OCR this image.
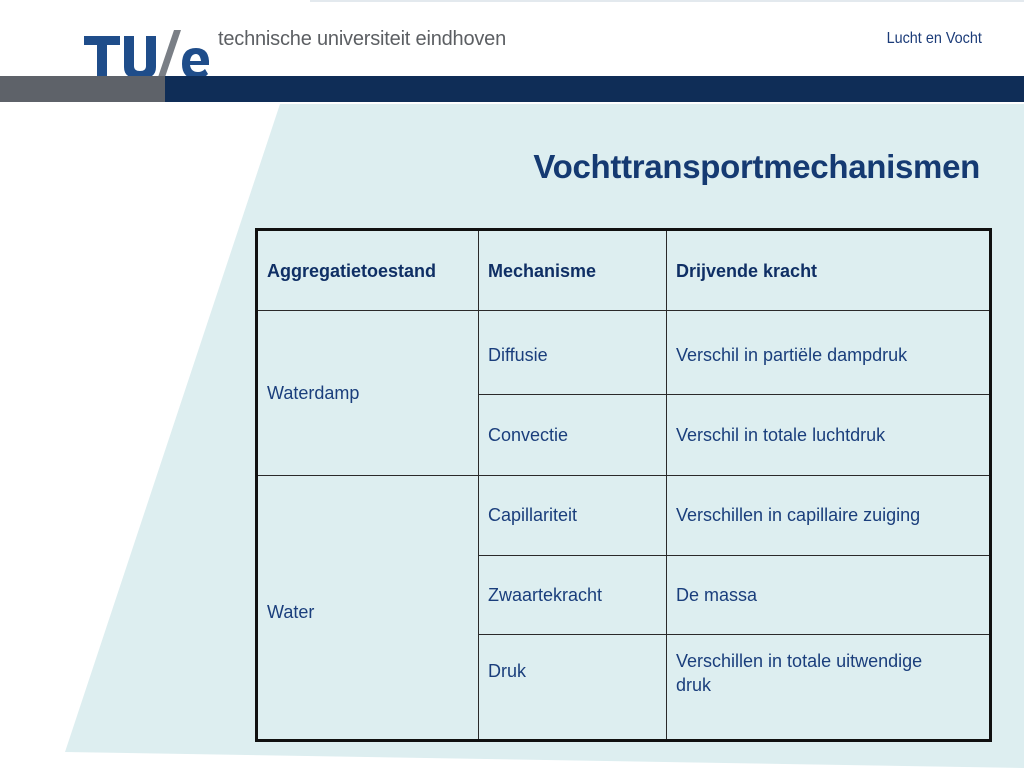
technische universiteit eindhoven	Lucht en Vocht
Vochttransportmechanismen
Aggregatietoestand	Mechanisme	Drijvende kracht
Waterdamp
Diffusie	Verschil in partiële dampdruk
Convectie	Verschil in totale luchtdruk
Water
Capillariteit	Verschillen in capillaire zuiging
Zwaartekracht	De massa
Druk	Verschillen in totale uitwendige druk
